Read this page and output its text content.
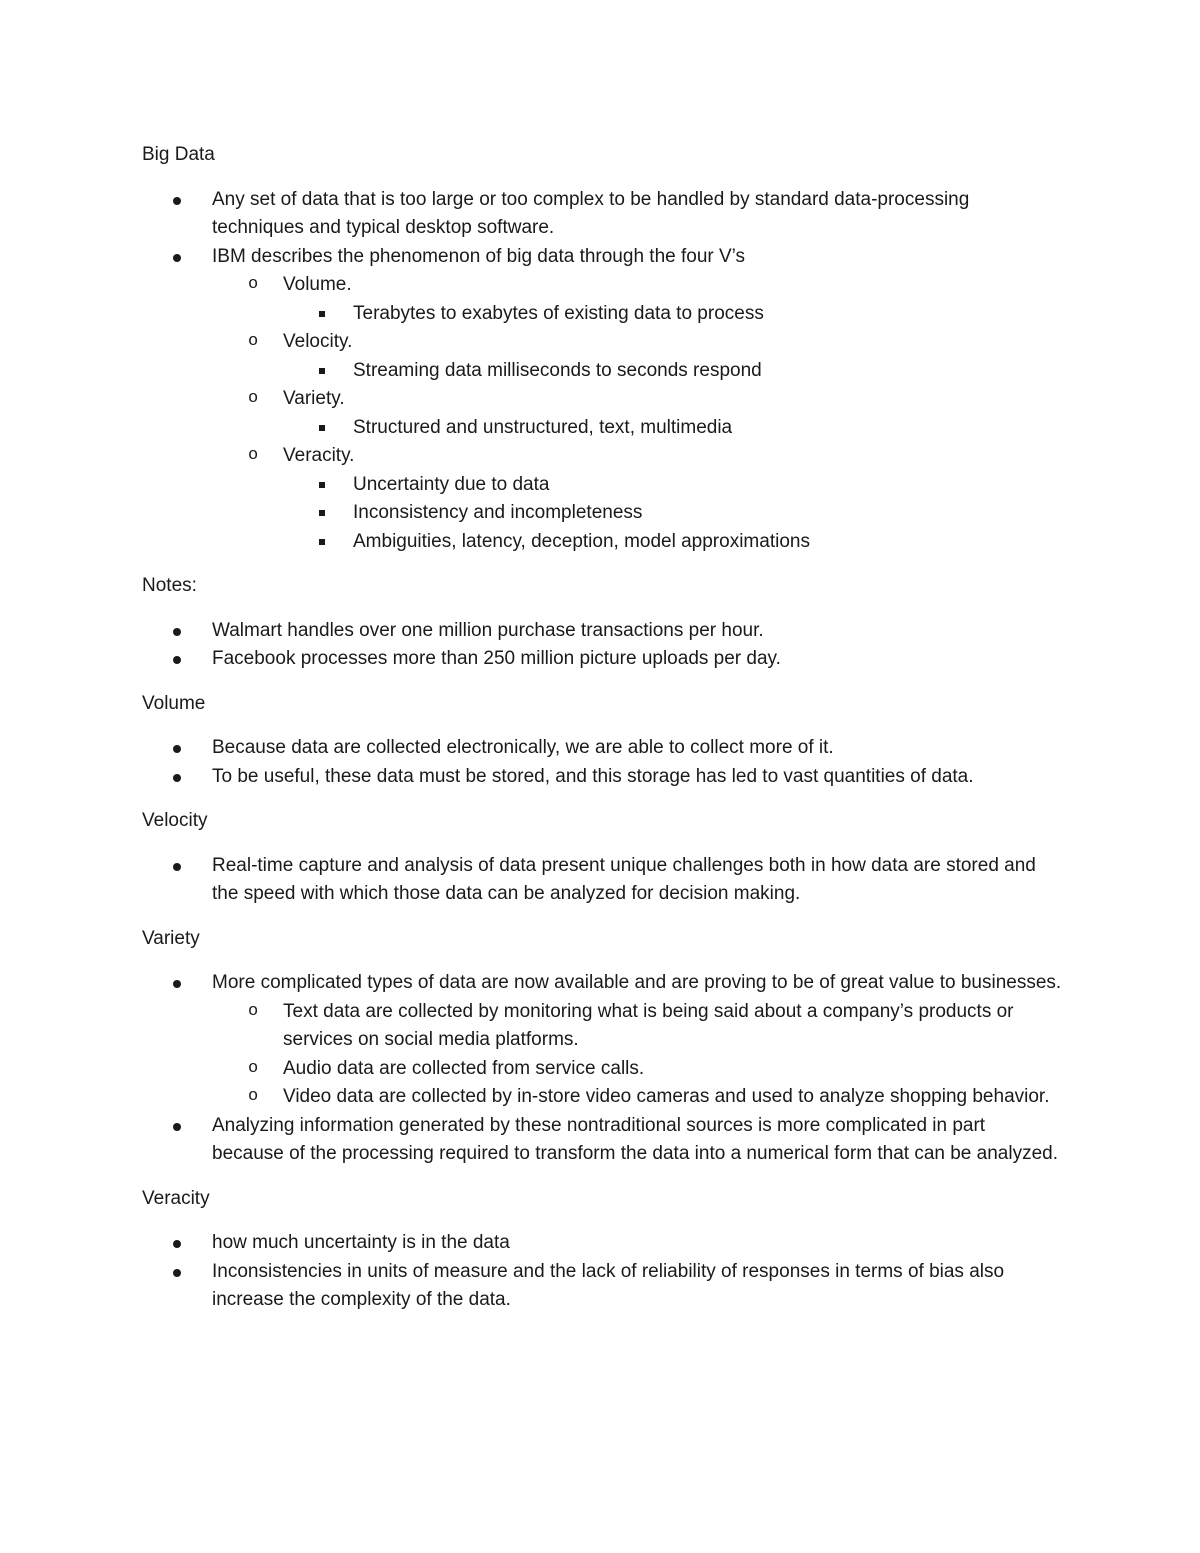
Big Data

Any set of data that is too large or too complex to be handled by standard data-processing techniques and typical desktop software.
IBM describes the phenomenon of big data through the four V’s
o Volume.
Terabytes to exabytes of existing data to process
o Velocity.
Streaming data milliseconds to seconds respond
o Variety.
Structured and unstructured, text, multimedia
o Veracity.
Uncertainty due to data
Inconsistency and incompleteness
Ambiguities, latency, deception, model approximations

Notes:

Walmart handles over one million purchase transactions per hour.
Facebook processes more than 250 million picture uploads per day.

Volume

Because data are collected electronically, we are able to collect more of it.
To be useful, these data must be stored, and this storage has led to vast quantities of data.

Velocity

Real-time capture and analysis of data present unique challenges both in how data are stored and the speed with which those data can be analyzed for decision making.

Variety

More complicated types of data are now available and are proving to be of great value to businesses.
o Text data are collected by monitoring what is being said about a company’s products or services on social media platforms.
o Audio data are collected from service calls.
o Video data are collected by in-store video cameras and used to analyze shopping behavior.
Analyzing information generated by these nontraditional sources is more complicated in part because of the processing required to transform the data into a numerical form that can be analyzed.

Veracity

how much uncertainty is in the data
Inconsistencies in units of measure and the lack of reliability of responses in terms of bias also increase the complexity of the data.
